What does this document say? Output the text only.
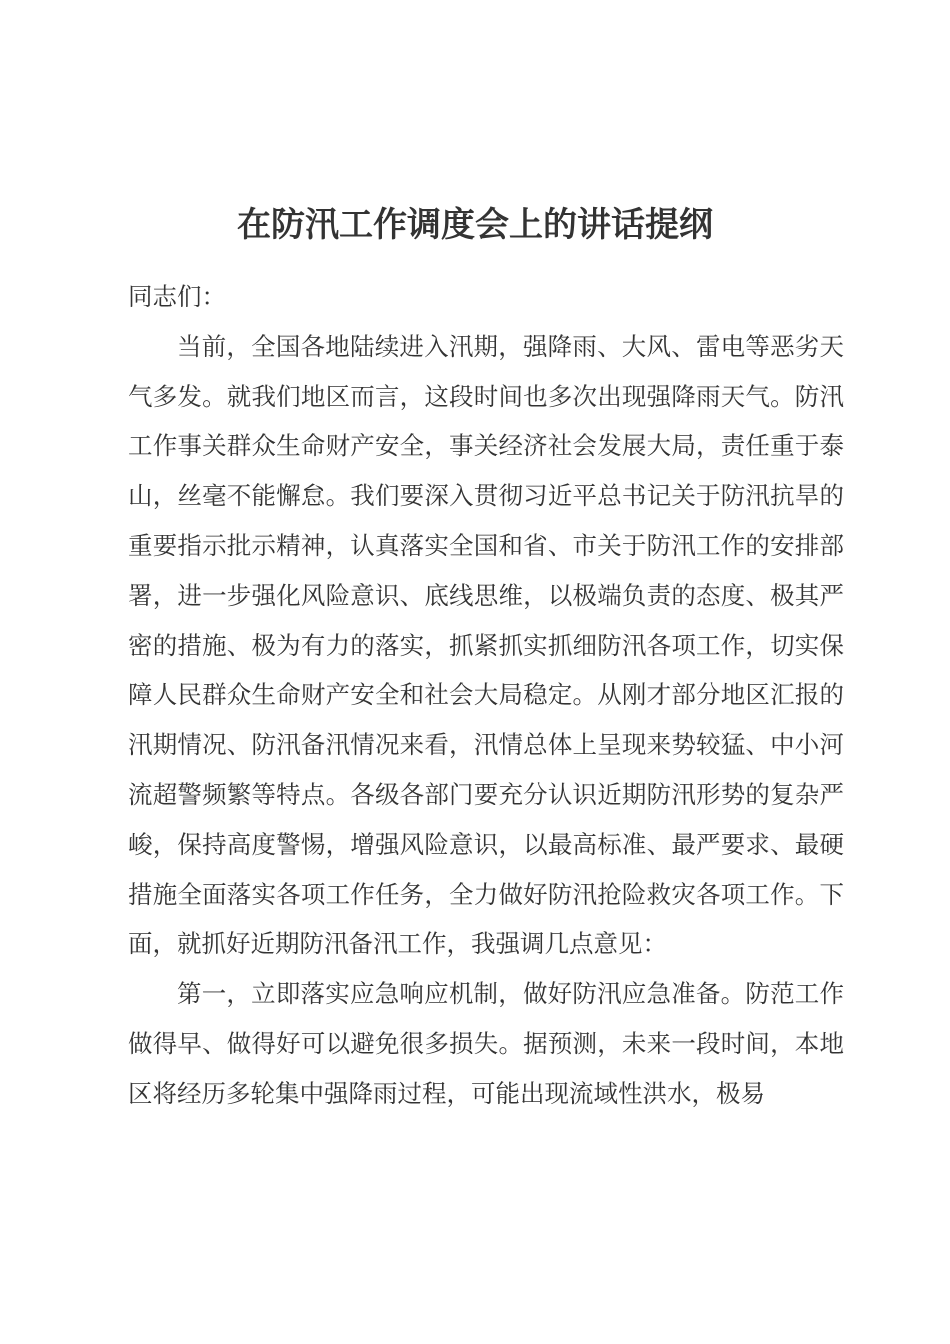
在防汛工作调度会上的讲话提纲

同志们：

当前，全国各地陆续进入汛期，强降雨、大风、雷电等恶劣天气多发。就我们地区而言，这段时间也多次出现强降雨天气。防汛工作事关群众生命财产安全，事关经济社会发展大局，责任重于泰山，丝毫不能懈怠。我们要深入贯彻习近平总书记关于防汛抗旱的重要指示批示精神，认真落实全国和省、市关于防汛工作的安排部署，进一步强化风险意识、底线思维，以极端负责的态度、极其严密的措施、极为有力的落实，抓紧抓实抓细防汛各项工作，切实保障人民群众生命财产安全和社会大局稳定。从刚才部分地区汇报的汛期情况、防汛备汛情况来看，汛情总体上呈现来势较猛、中小河流超警频繁等特点。各级各部门要充分认识近期防汛形势的复杂严峻，保持高度警惕，增强风险意识，以最高标准、最严要求、最硬措施全面落实各项工作任务，全力做好防汛抢险救灾各项工作。下面，就抓好近期防汛备汛工作，我强调几点意见：

第一，立即落实应急响应机制，做好防汛应急准备。防范工作做得早、做得好可以避免很多损失。据预测，未来一段时间，本地区将经历多轮集中强降雨过程，可能出现流域性洪水，极易
